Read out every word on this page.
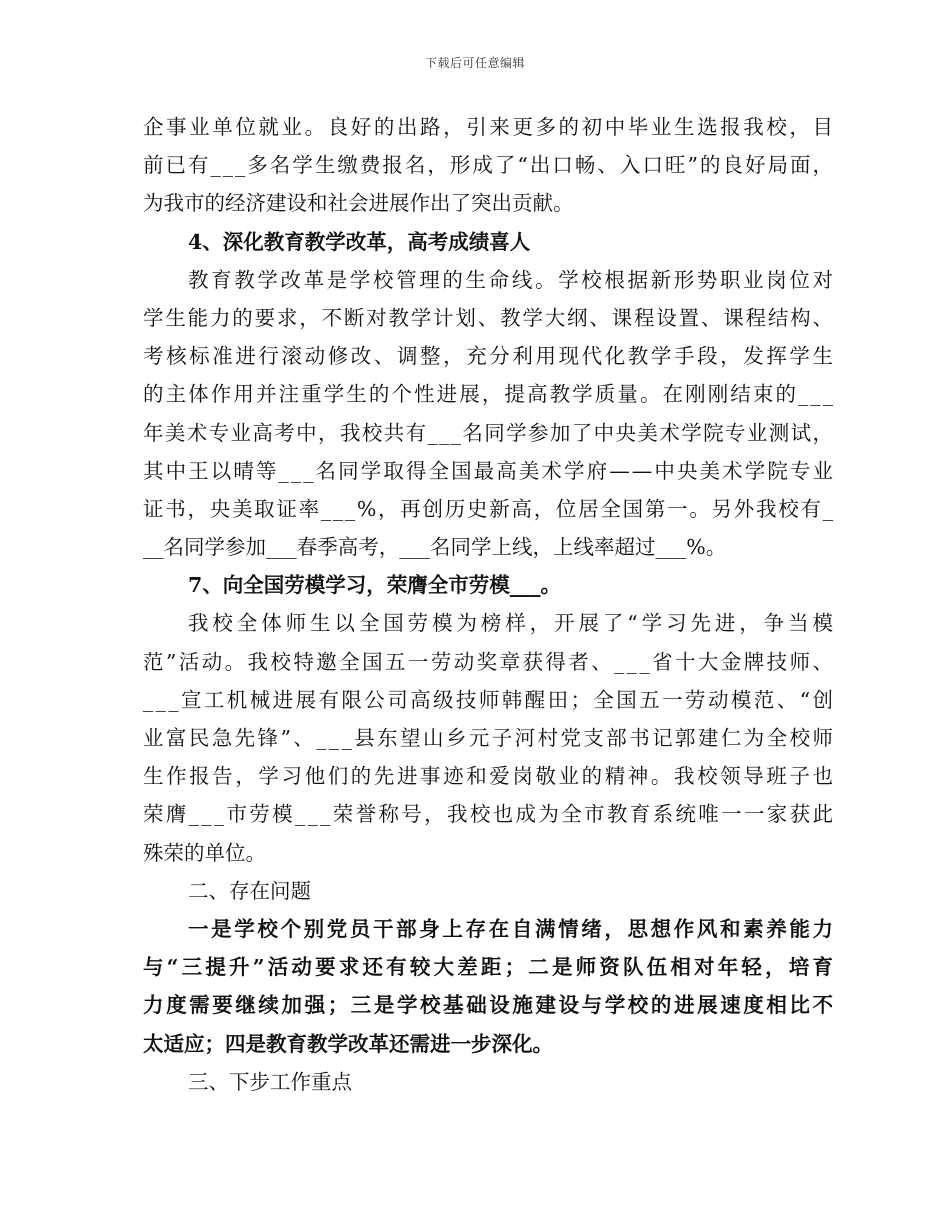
下载后可任意编辑
企事业单位就业。良好的出路，引来更多的初中毕业生选报我校，目
前已有___多名学生缴费报名，形成了“出口畅、入口旺”的良好局面，
为我市的经济建设和社会进展作出了突出贡献。
4、深化教育教学改革，高考成绩喜人
教育教学改革是学校管理的生命线。学校根据新形势职业岗位对
学生能力的要求，不断对教学计划、教学大纲、课程设置、课程结构、
考核标准进行滚动修改、调整，充分利用现代化教学手段，发挥学生
的主体作用并注重学生的个性进展，提高教学质量。在刚刚结束的___
年美术专业高考中，我校共有___名同学参加了中央美术学院专业测试，
其中王以晴等___名同学取得全国最高美术学府——中央美术学院专业
证书，央美取证率___%，再创历史新高，位居全国第一。另外我校有_
__名同学参加___春季高考，___名同学上线，上线率超过___%。
7、向全国劳模学习，荣膺全市劳模___。
我校全体师生以全国劳模为榜样，开展了“学习先进，争当模
范”活动。我校特邀全国五一劳动奖章获得者、___省十大金牌技师、
___宣工机械进展有限公司高级技师韩醒田；全国五一劳动模范、“创
业富民急先锋”、___县东望山乡元子河村党支部书记郭建仁为全校师
生作报告，学习他们的先进事迹和爱岗敬业的精神。我校领导班子也
荣膺___市劳模___荣誉称号，我校也成为全市教育系统唯一一家获此
殊荣的单位。
二、存在问题
一是学校个别党员干部身上存在自满情绪，思想作风和素养能力
与“三提升”活动要求还有较大差距；二是师资队伍相对年轻，培育
力度需要继续加强；三是学校基础设施建设与学校的进展速度相比不
太适应；四是教育教学改革还需进一步深化。
三、下步工作重点
